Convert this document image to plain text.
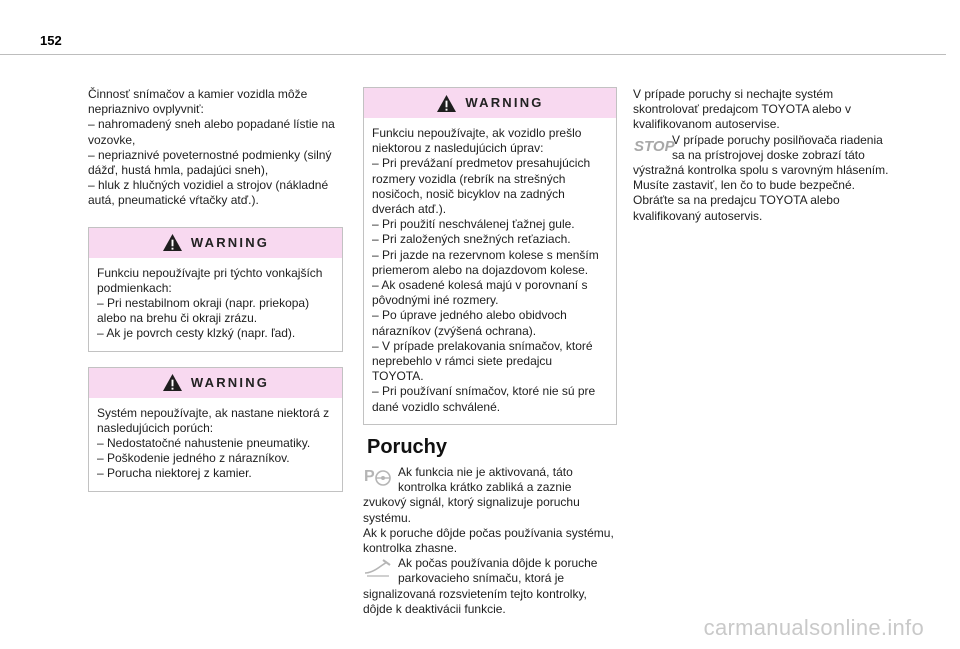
152

Činnosť snímačov a kamier vozidla môže nepriaznivo ovplyvniť:

– nahromadený sneh alebo popadané lístie na vozovke,

– nepriaznivé poveternostné podmienky (silný dážď, hustá hmla, padajúci sneh),

– hluk z hlučných vozidiel a strojov (nákladné autá, pneumatické vŕtačky atď.).

WARNING

Funkciu nepoužívajte pri týchto vonkajších podmienkach:

– Pri nestabilnom okraji (napr. priekopa) alebo na brehu či okraji zrázu.

– Ak je povrch cesty klzký (napr. ľad).

WARNING

Systém nepoužívajte, ak nastane niektorá z nasledujúcich porúch:

– Nedostatočné nahustenie pneumatiky.

– Poškodenie jedného z nárazníkov.

– Porucha niektorej z kamier.

WARNING

Funkciu nepoužívajte, ak vozidlo prešlo niektorou z nasledujúcich úprav:

– Pri prevážaní predmetov presahujúcich rozmery vozidla (rebrík na strešných nosičoch, nosič bicyklov na zadných dverách atď.).

– Pri použití neschválenej ťažnej gule.

– Pri založených snežných reťaziach.

– Pri jazde na rezervnom kolese s menším priemerom alebo na dojazdovom kolese.

– Ak osadené kolesá majú v porovnaní s pôvodnými iné rozmery.

– Po úprave jedného alebo obidvoch nárazníkov (zvýšená ochrana).

– V prípade prelakovania snímačov, ktoré neprebehlo v rámci siete predajcu TOYOTA.

– Pri používaní snímačov, ktoré nie sú pre dané vozidlo schválené.

Poruchy

P Ak funkcia nie je aktivovaná, táto kontrolka krátko zabliká a zaznie zvukový signál, ktorý signalizuje poruchu systému.

Ak k poruche dôjde počas používania systému, kontrolka zhasne.

Ak počas používania dôjde k poruche parkovacieho snímaču, ktorá je signalizovaná rozsvietením tejto kontrolky, dôjde k deaktivácii funkcie.

V prípade poruchy si nechajte systém skontrolovať predajcom TOYOTA alebo v kvalifikovanom autoservise.

STOP
V prípade poruchy posilňovača riadenia sa na prístrojovej doske zobrazí táto výstražná kontrolka spolu s varovným hlásením. Musíte zastaviť, len čo to bude bezpečné. Obráťte sa na predajcu TOYOTA alebo kvalifikovaný autoservis.

carmanualsonline.info
